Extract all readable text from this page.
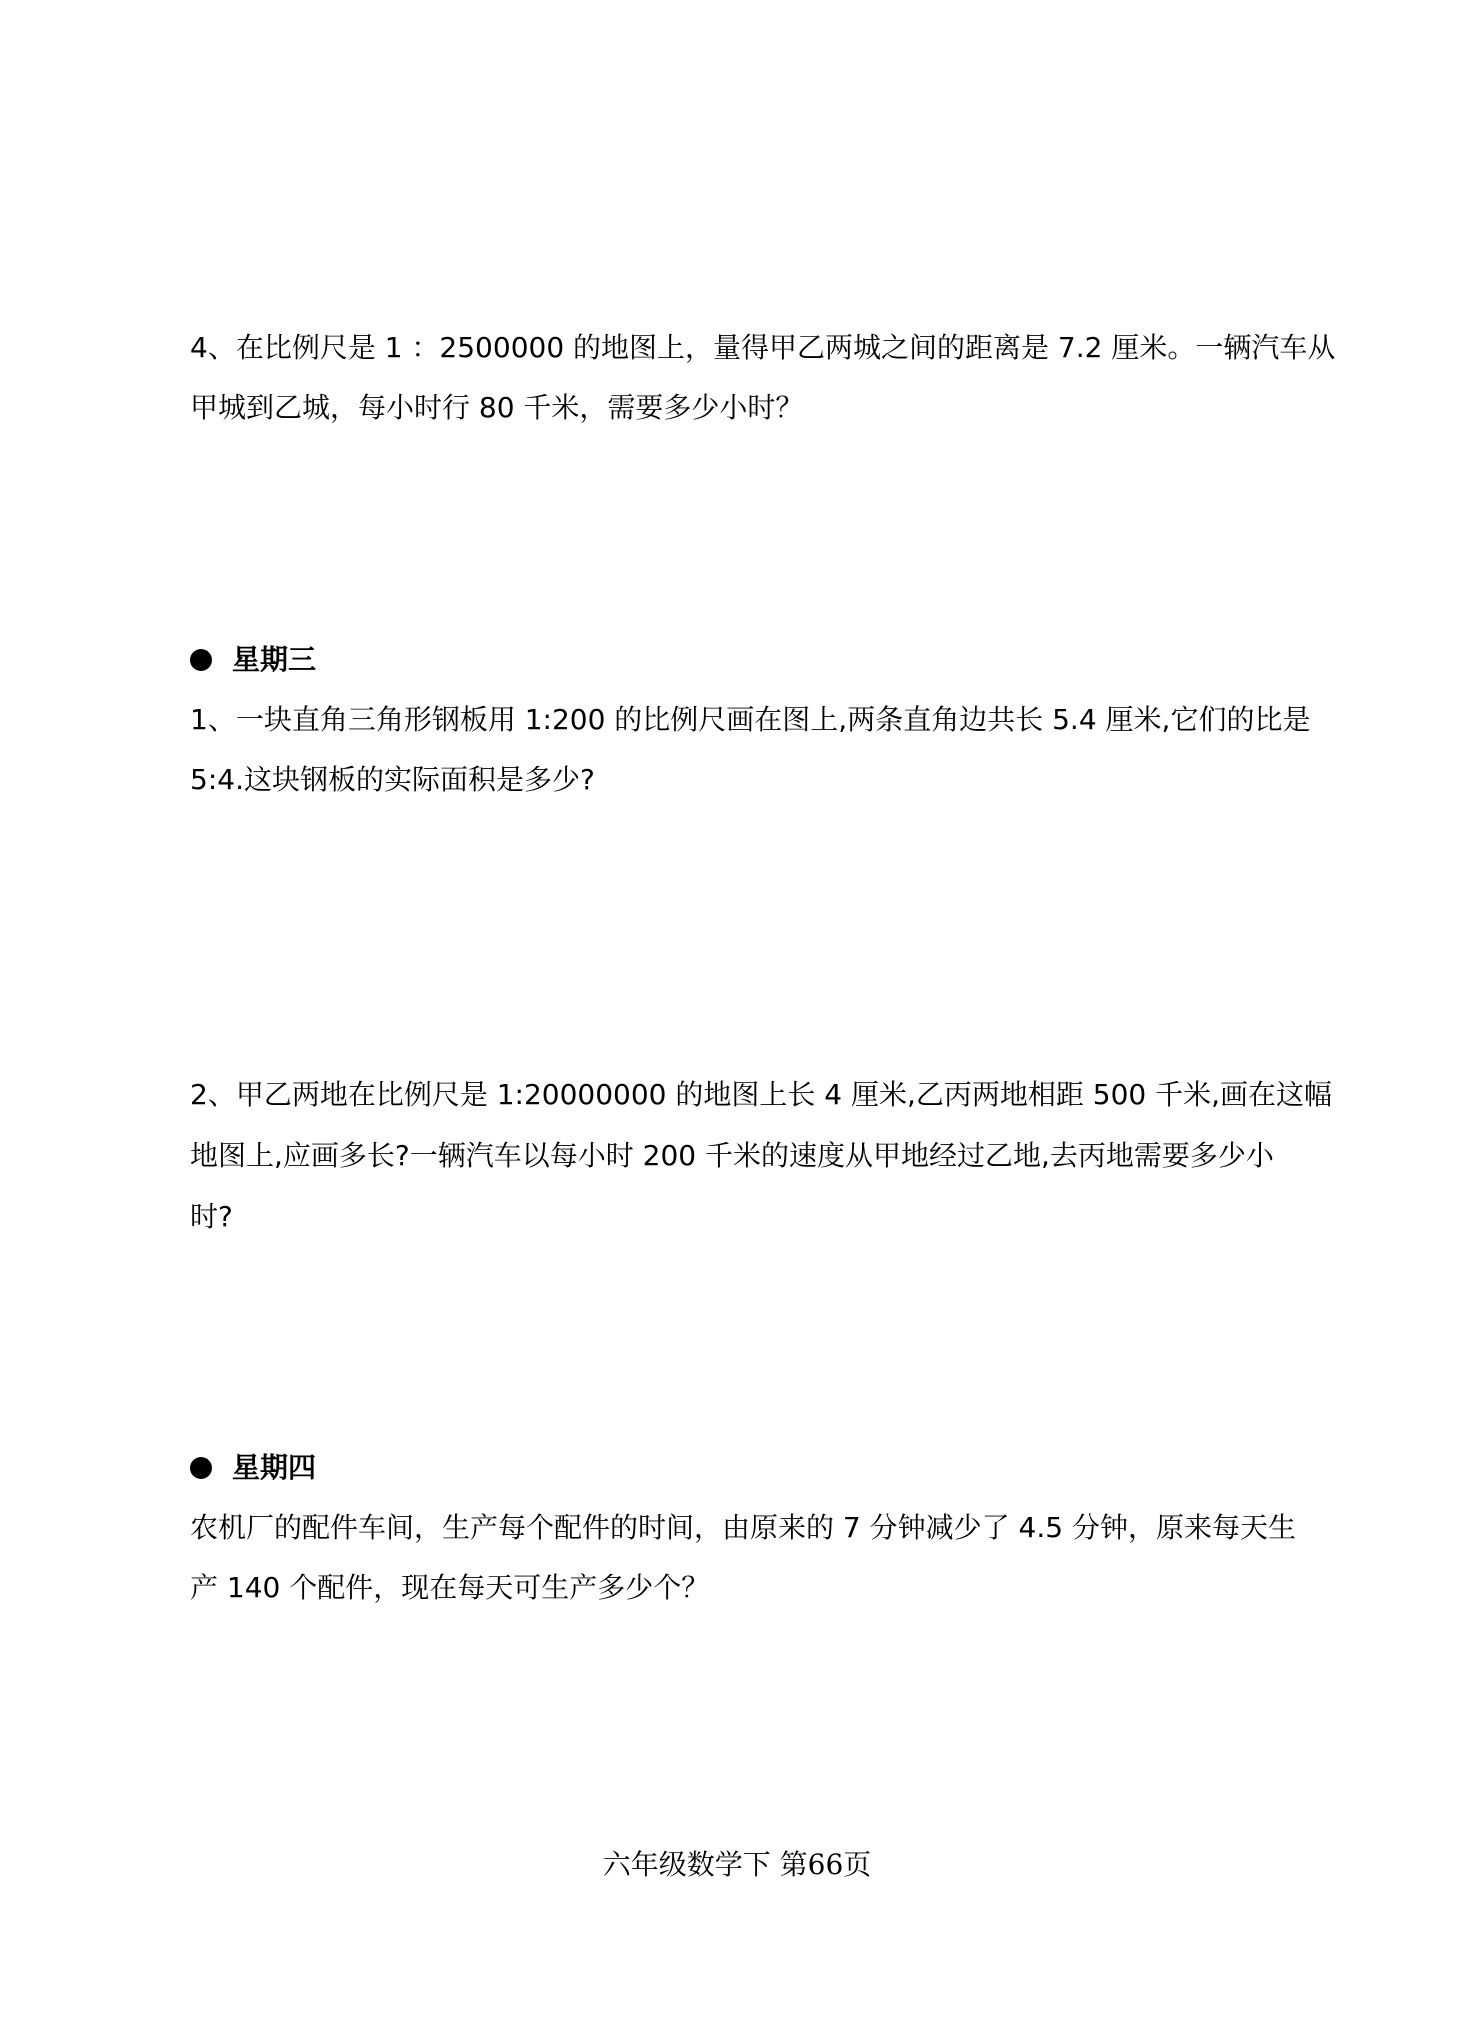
4、在比例尺是 1 ：2500000 的地图上，量得甲乙两城之间的距离是 7.2 厘米。一辆汽车从

甲城到乙城，每小时行 80 千米，需要多少小时？

星期三

1、一块直角三角形钢板用 1:200 的比例尺画在图上,两条直角边共长 5.4 厘米,它们的比是

5:4.这块钢板的实际面积是多少?

2、甲乙两地在比例尺是 1:20000000 的地图上长 4 厘米,乙丙两地相距 500 千米,画在这幅

地图上,应画多长?一辆汽车以每小时 200 千米的速度从甲地经过乙地,去丙地需要多少小

时?

星期四

农机厂的配件车间，生产每个配件的时间，由原来的 7 分钟减少了 4.5 分钟，原来每天生

产 140 个配件，现在每天可生产多少个？

六年级数学下 第66页
